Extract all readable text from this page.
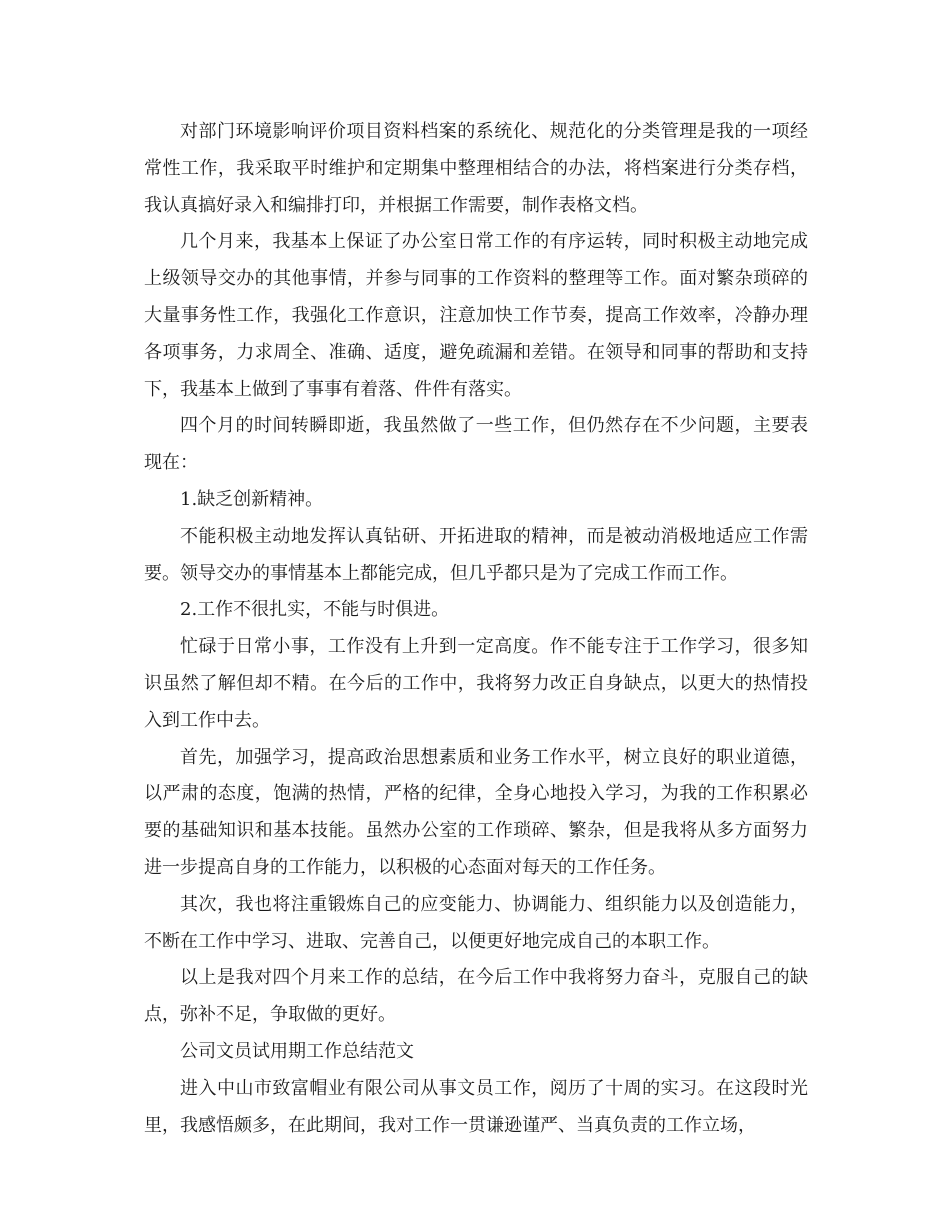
对部门环境影响评价项目资料档案的系统化、规范化的分类管理是我的一项经常性工作，我采取平时维护和定期集中整理相结合的办法，将档案进行分类存档，我认真搞好录入和编排打印，并根据工作需要，制作表格文档。

几个月来，我基本上保证了办公室日常工作的有序运转，同时积极主动地完成上级领导交办的其他事情，并参与同事的工作资料的整理等工作。面对繁杂琐碎的大量事务性工作，我强化工作意识，注意加快工作节奏，提高工作效率，冷静办理各项事务，力求周全、准确、适度，避免疏漏和差错。在领导和同事的帮助和支持下，我基本上做到了事事有着落、件件有落实。

四个月的时间转瞬即逝，我虽然做了一些工作，但仍然存在不少问题，主要表现在：

1.缺乏创新精神。

不能积极主动地发挥认真钻研、开拓进取的精神，而是被动消极地适应工作需要。领导交办的事情基本上都能完成，但几乎都只是为了完成工作而工作。

2.工作不很扎实，不能与时俱进。

忙碌于日常小事，工作没有上升到一定高度。作不能专注于工作学习，很多知识虽然了解但却不精。在今后的工作中，我将努力改正自身缺点，以更大的热情投入到工作中去。

首先，加强学习，提高政治思想素质和业务工作水平，树立良好的职业道德，以严肃的态度，饱满的热情，严格的纪律，全身心地投入学习，为我的工作积累必要的基础知识和基本技能。虽然办公室的工作琐碎、繁杂，但是我将从多方面努力进一步提高自身的工作能力，以积极的心态面对每天的工作任务。

其次，我也将注重锻炼自己的应变能力、协调能力、组织能力以及创造能力，不断在工作中学习、进取、完善自己，以便更好地完成自己的本职工作。

以上是我对四个月来工作的总结，在今后工作中我将努力奋斗，克服自己的缺点，弥补不足，争取做的更好。

公司文员试用期工作总结范文

进入中山市致富帽业有限公司从事文员工作，阅历了十周的实习。在这段时光里，我感悟颇多，在此期间，我对工作一贯谦逊谨严、当真负责的工作立场，
